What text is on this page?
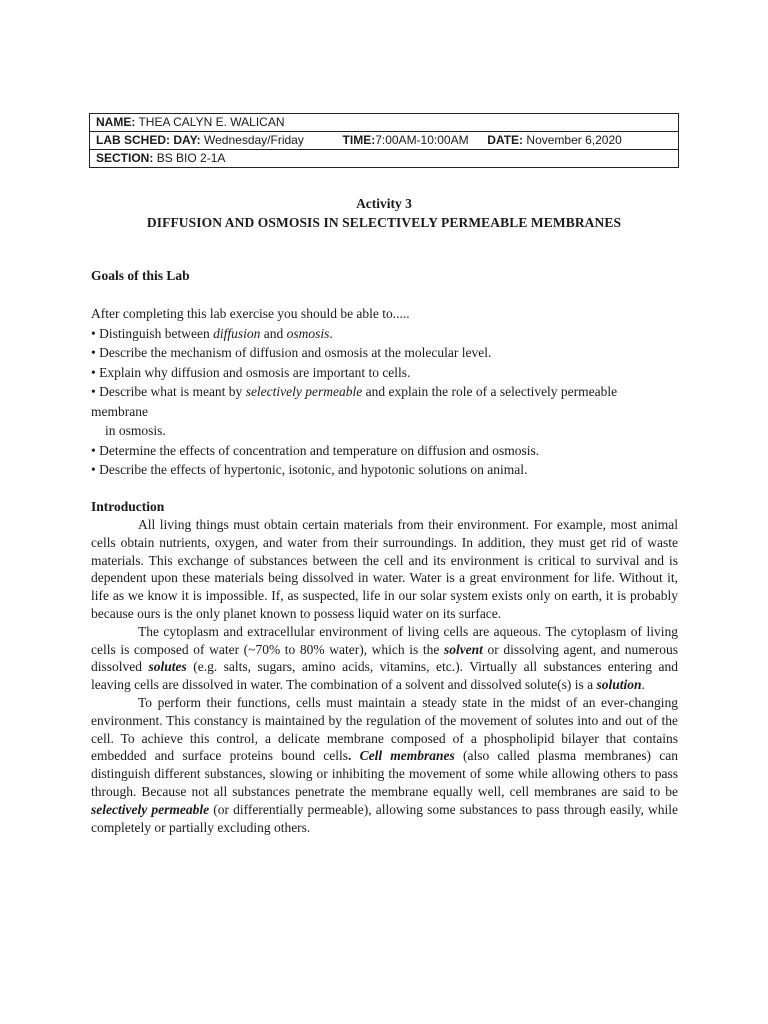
NAME: THEA CALYN E. WALICAN
LAB SCHED: DAY: Wednesday/Friday	TIME:7:00AM-10:00AM DATE: November 6,2020
SECTION: BS BIO 2-1A
Activity 3
DIFFUSION AND OSMOSIS IN SELECTIVELY PERMEABLE MEMBRANES
Goals of this Lab
After completing this lab exercise you should be able to.....
• Distinguish between diffusion and osmosis.
• Describe the mechanism of diffusion and osmosis at the molecular level.
• Explain why diffusion and osmosis are important to cells.
• Describe what is meant by selectively permeable and explain the role of a selectively permeable
membrane
in osmosis.
• Determine the effects of concentration and temperature on diffusion and osmosis.
• Describe the effects of hypertonic, isotonic, and hypotonic solutions on animal.
Introduction

All living things must obtain certain materials from their environment. For example, most animal cells obtain nutrients, oxygen, and water from their surroundings. In addition, they must get rid of waste materials. This exchange of substances between the cell and its environment is critical to survival and is dependent upon these materials being dissolved in water. Water is a great environment for life. Without it, life as we know it is impossible. If, as suspected, life in our solar system exists only on earth, it is probably because ours is the only planet known to possess liquid water on its surface.

The cytoplasm and extracellular environment of living cells are aqueous. The cytoplasm of living cells is composed of water (~70% to 80% water), which is the solvent or dissolving agent, and numerous dissolved solutes (e.g. salts, sugars, amino acids, vitamins, etc.). Virtually all substances entering and leaving cells are dissolved in water. The combination of a solvent and dissolved solute(s) is a solution.

To perform their functions, cells must maintain a steady state in the midst of an ever-changing environment. This constancy is maintained by the regulation of the movement of solutes into and out of the cell. To achieve this control, a delicate membrane composed of a phospholipid bilayer that contains embedded and surface proteins bound cells. Cell membranes (also called plasma membranes) can distinguish different substances, slowing or inhibiting the movement of some while allowing others to pass through. Because not all substances penetrate the membrane equally well, cell membranes are said to be selectively permeable (or differentially permeable), allowing some substances to pass through easily, while completely or partially excluding others.
